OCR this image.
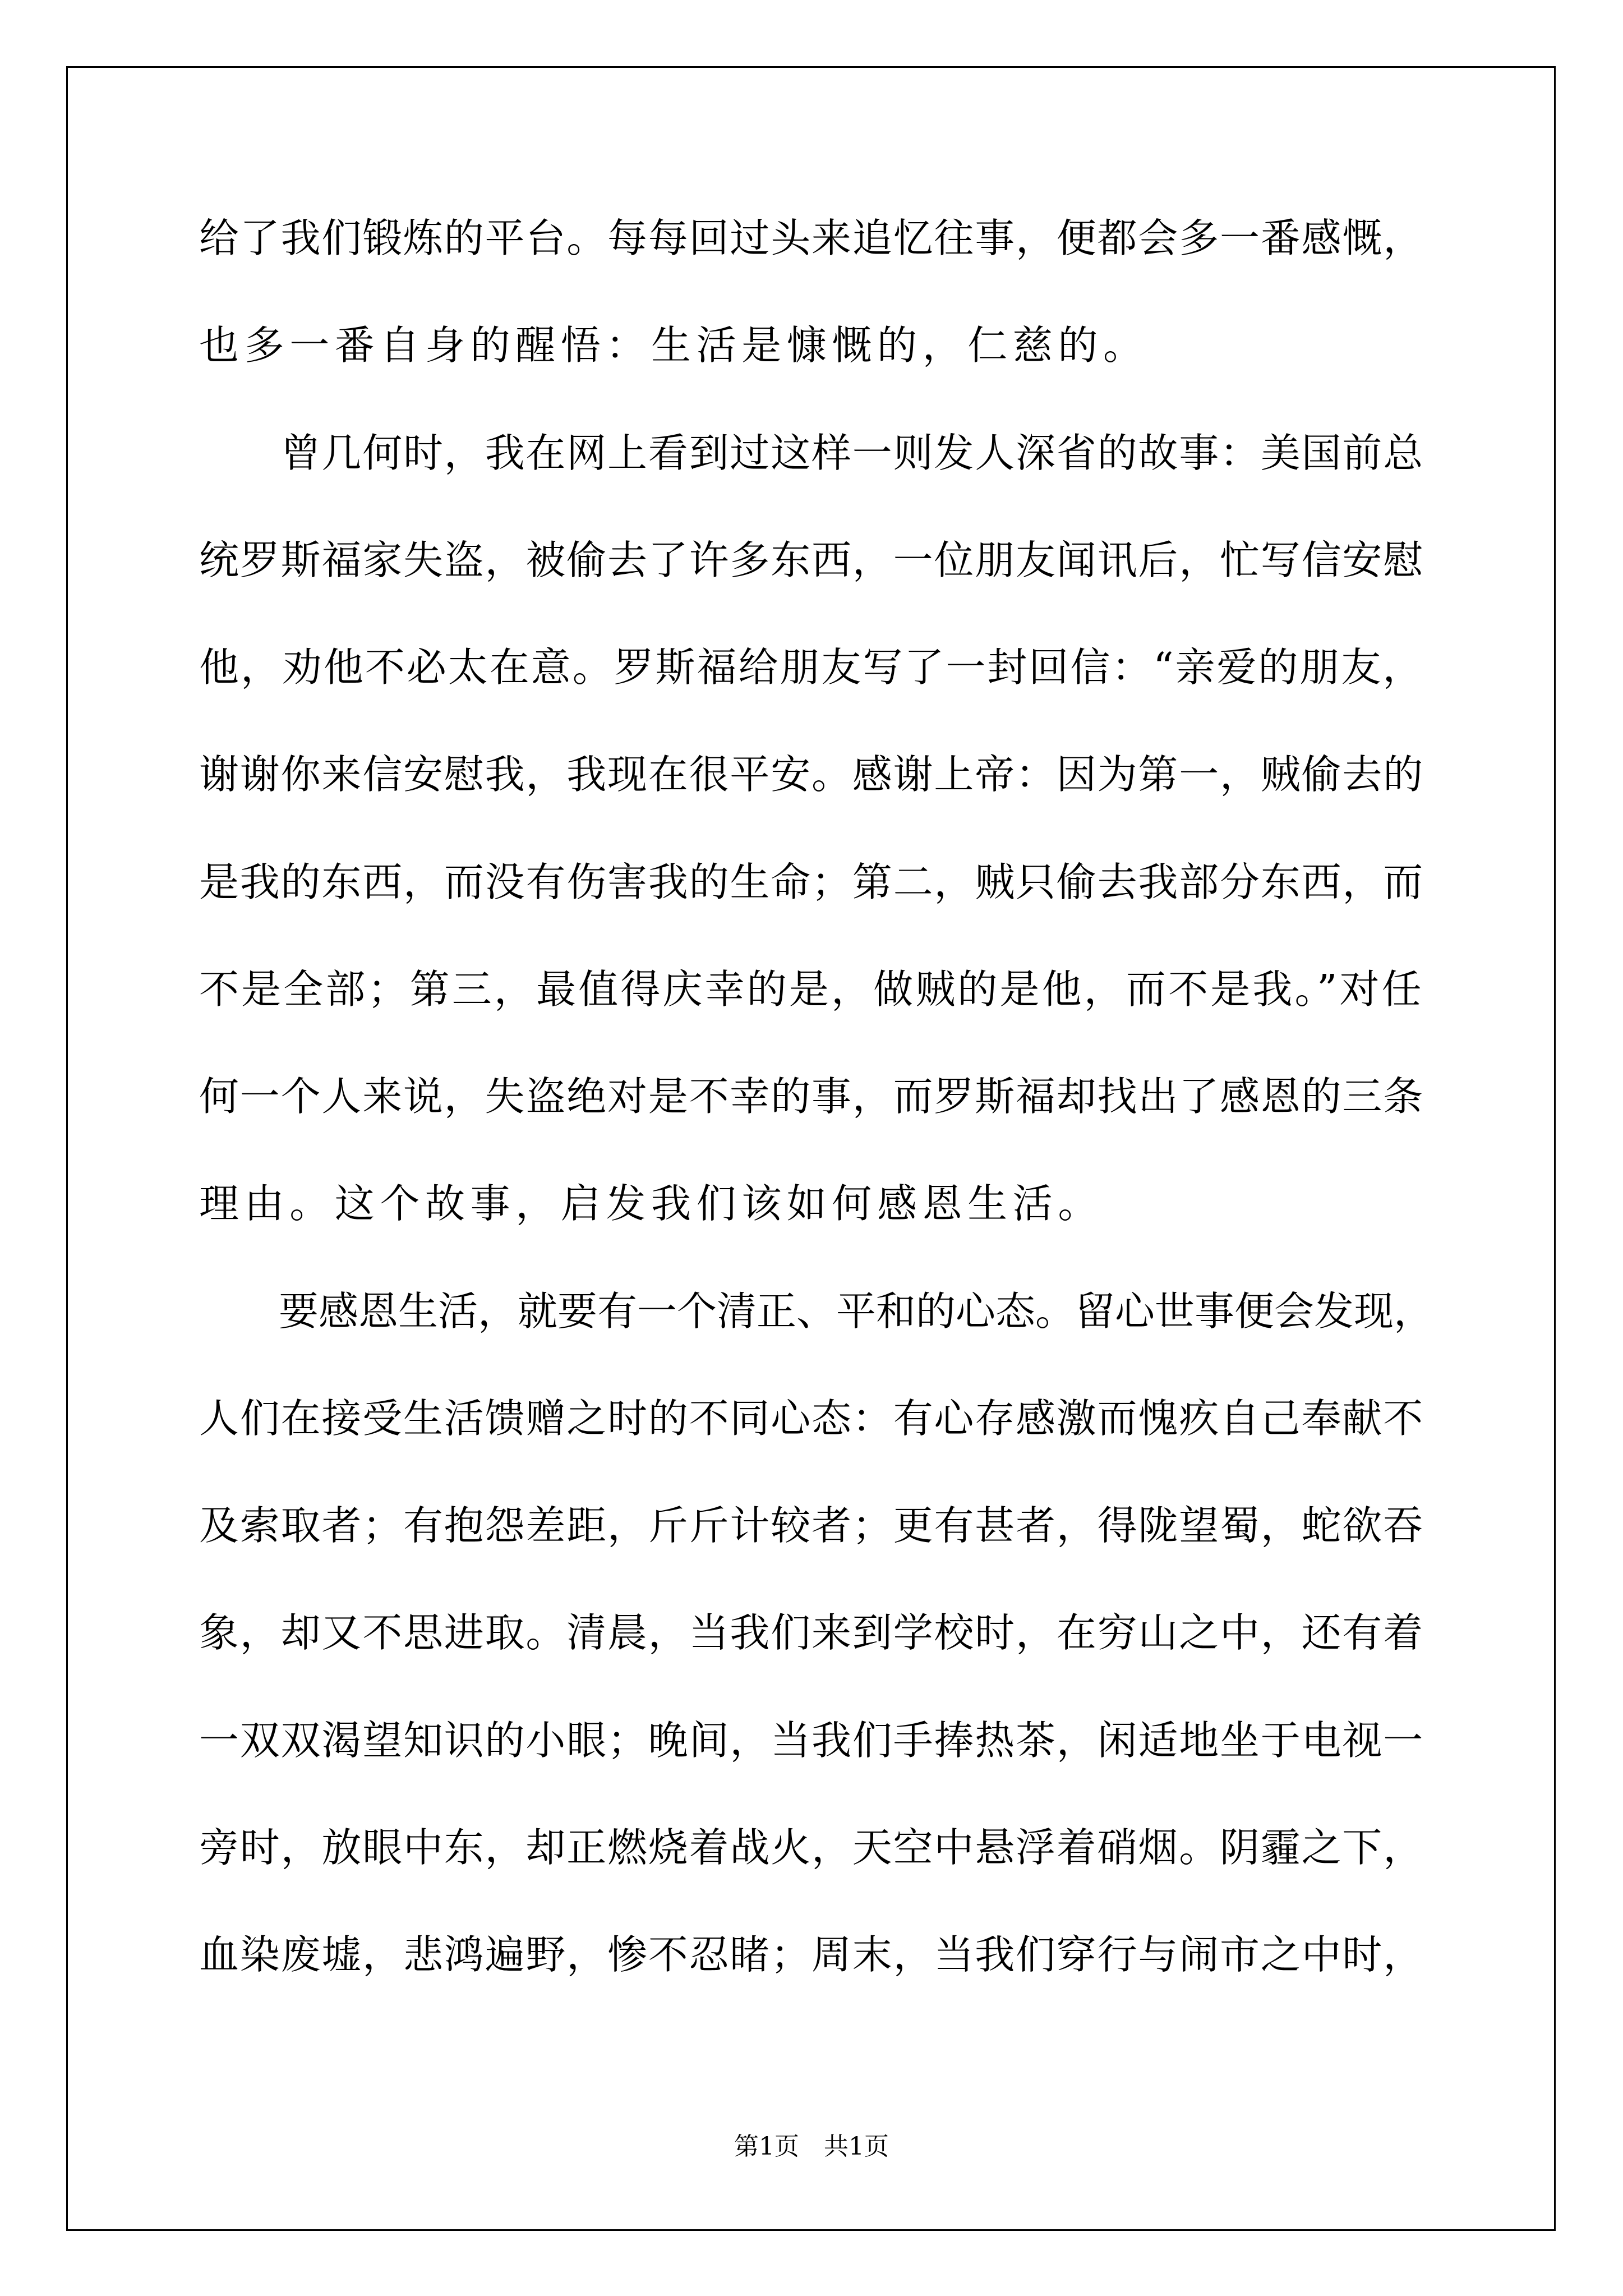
给了我们锻炼的平台。每每回过头来追忆往事，便都会多一番感慨，
也多一番自身的醒悟：生活是慷慨的，仁慈的。
　　曾几何时，我在网上看到过这样一则发人深省的故事：美国前总
统罗斯福家失盗，被偷去了许多东西，一位朋友闻讯后，忙写信安慰
他，劝他不必太在意。罗斯福给朋友写了一封回信：“亲爱的朋友，
谢谢你来信安慰我，我现在很平安。感谢上帝：因为第一，贼偷去的
是我的东西，而没有伤害我的生命；第二，贼只偷去我部分东西，而
不是全部；第三，最值得庆幸的是，做贼的是他，而不是我。”对任
何一个人来说，失盗绝对是不幸的事，而罗斯福却找出了感恩的三条
理由。这个故事，启发我们该如何感恩生活。
　　要感恩生活，就要有一个清正、平和的心态。留心世事便会发现，
人们在接受生活馈赠之时的不同心态：有心存感激而愧疚自己奉献不
及索取者；有抱怨差距，斤斤计较者；更有甚者，得陇望蜀，蛇欲吞
象，却又不思进取。清晨，当我们来到学校时，在穷山之中，还有着
一双双渴望知识的小眼；晚间，当我们手捧热茶，闲适地坐于电视一
旁时，放眼中东，却正燃烧着战火，天空中悬浮着硝烟。阴霾之下，
血染废墟，悲鸿遍野，惨不忍睹；周末，当我们穿行与闹市之中时，
第1页　共1页
